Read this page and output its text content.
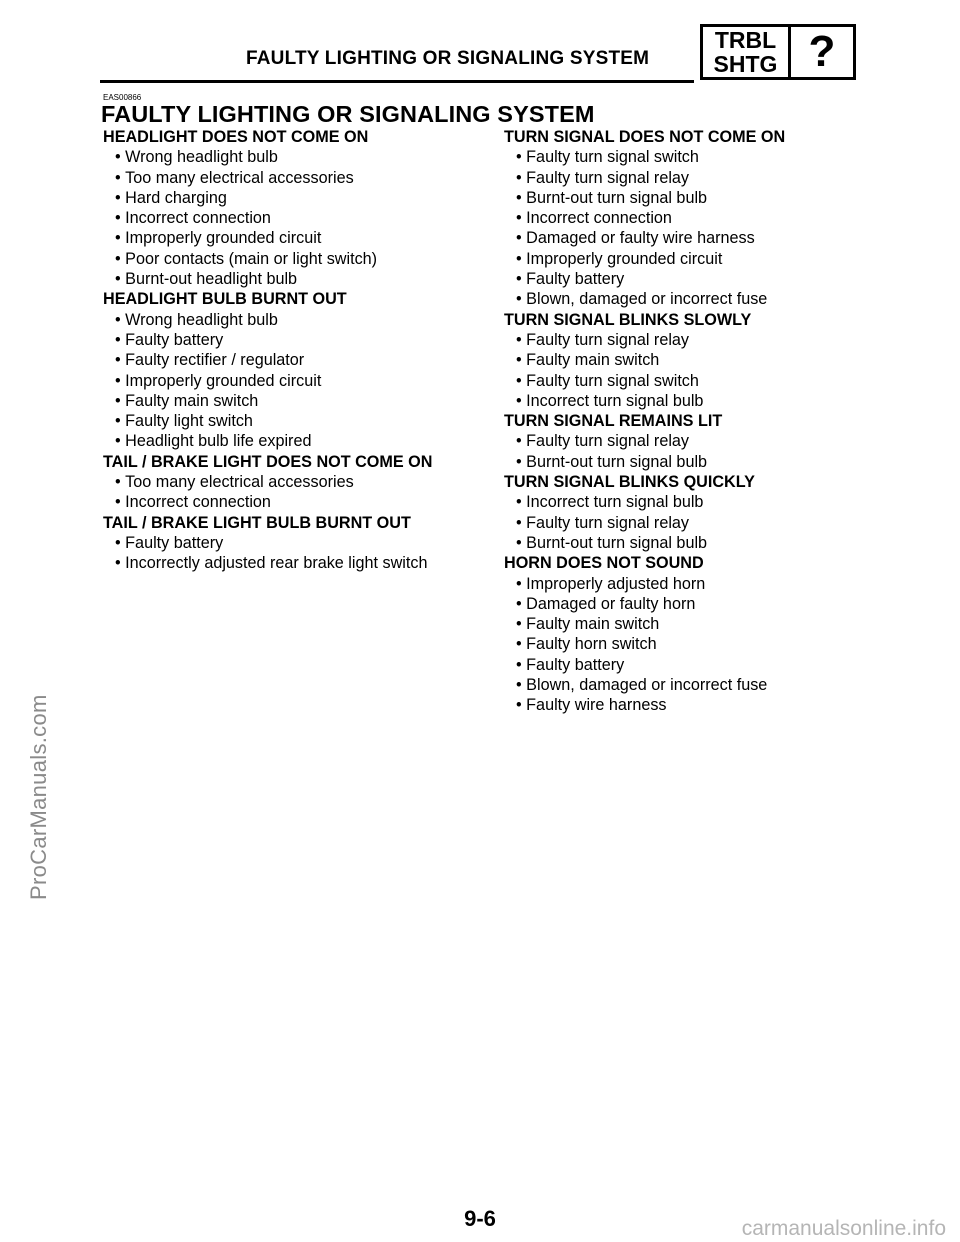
FAULTY LIGHTING OR SIGNALING SYSTEM
TRBL
SHTG ?
EAS00866
FAULTY LIGHTING OR SIGNALING SYSTEM
HEADLIGHT DOES NOT COME ON
• Wrong headlight bulb
• Too many electrical accessories
• Hard charging
• Incorrect connection
• Improperly grounded circuit
• Poor contacts (main or light switch)
• Burnt-out headlight bulb
HEADLIGHT BULB BURNT OUT
• Wrong headlight bulb
• Faulty battery
• Faulty rectifier / regulator
• Improperly grounded circuit
• Faulty main switch
• Faulty light switch
• Headlight bulb life expired
TAIL / BRAKE LIGHT DOES NOT COME ON
• Too many electrical accessories
• Incorrect connection
TAIL / BRAKE LIGHT BULB BURNT OUT
• Faulty battery
• Incorrectly adjusted rear brake light switch
TURN SIGNAL DOES NOT COME ON
• Faulty turn signal switch
• Faulty turn signal relay
• Burnt-out turn signal bulb
• Incorrect connection
• Damaged or faulty wire harness
• Improperly grounded circuit
• Faulty battery
• Blown, damaged or incorrect fuse
TURN SIGNAL BLINKS SLOWLY
• Faulty turn signal relay
• Faulty main switch
• Faulty turn signal switch
• Incorrect turn signal bulb
TURN SIGNAL REMAINS LIT
• Faulty turn signal relay
• Burnt-out turn signal bulb
TURN SIGNAL BLINKS QUICKLY
• Incorrect turn signal bulb
• Faulty turn signal relay
• Burnt-out turn signal bulb
HORN DOES NOT SOUND
• Improperly adjusted horn
• Damaged or faulty horn
• Faulty main switch
• Faulty horn switch
• Faulty battery
• Blown, damaged or incorrect fuse
• Faulty wire harness
ProCarManuals.com
9-6	carmanualsonline.info
